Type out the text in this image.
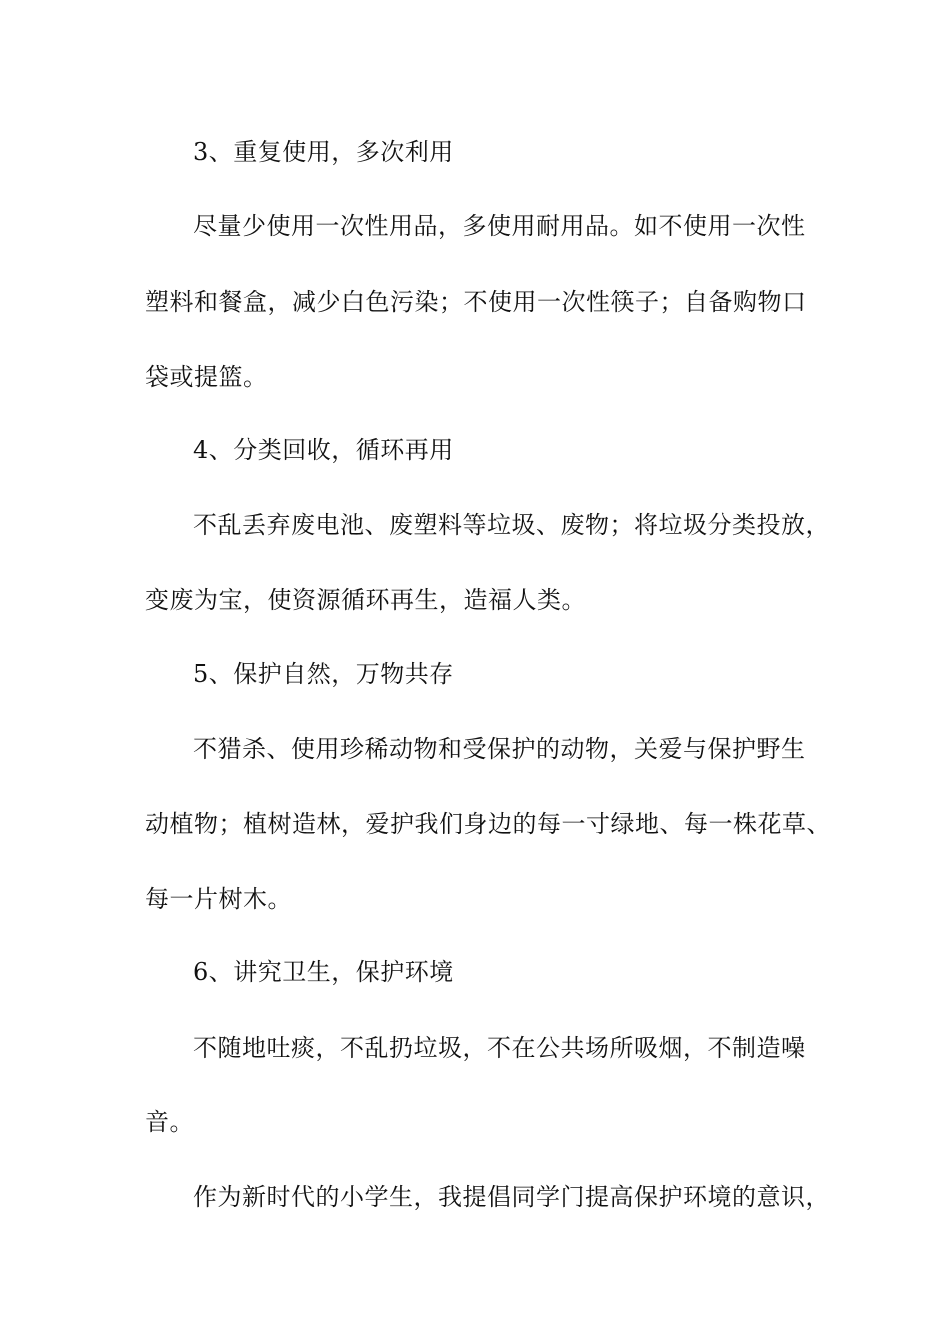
3、重复使用，多次利用

尽量少使用一次性用品，多使用耐用品。如不使用一次性

塑料和餐盒，减少白色污染；不使用一次性筷子；自备购物口

袋或提篮。

4、分类回收，循环再用

不乱丢弃废电池、废塑料等垃圾、废物；将垃圾分类投放，

变废为宝，使资源循环再生，造福人类。

5、保护自然，万物共存

不猎杀、使用珍稀动物和受保护的动物，关爱与保护野生

动植物；植树造林，爱护我们身边的每一寸绿地、每一株花草、

每一片树木。

6、讲究卫生，保护环境

不随地吐痰，不乱扔垃圾，不在公共场所吸烟，不制造噪

音。

作为新时代的小学生，我提倡同学门提高保护环境的意识，
